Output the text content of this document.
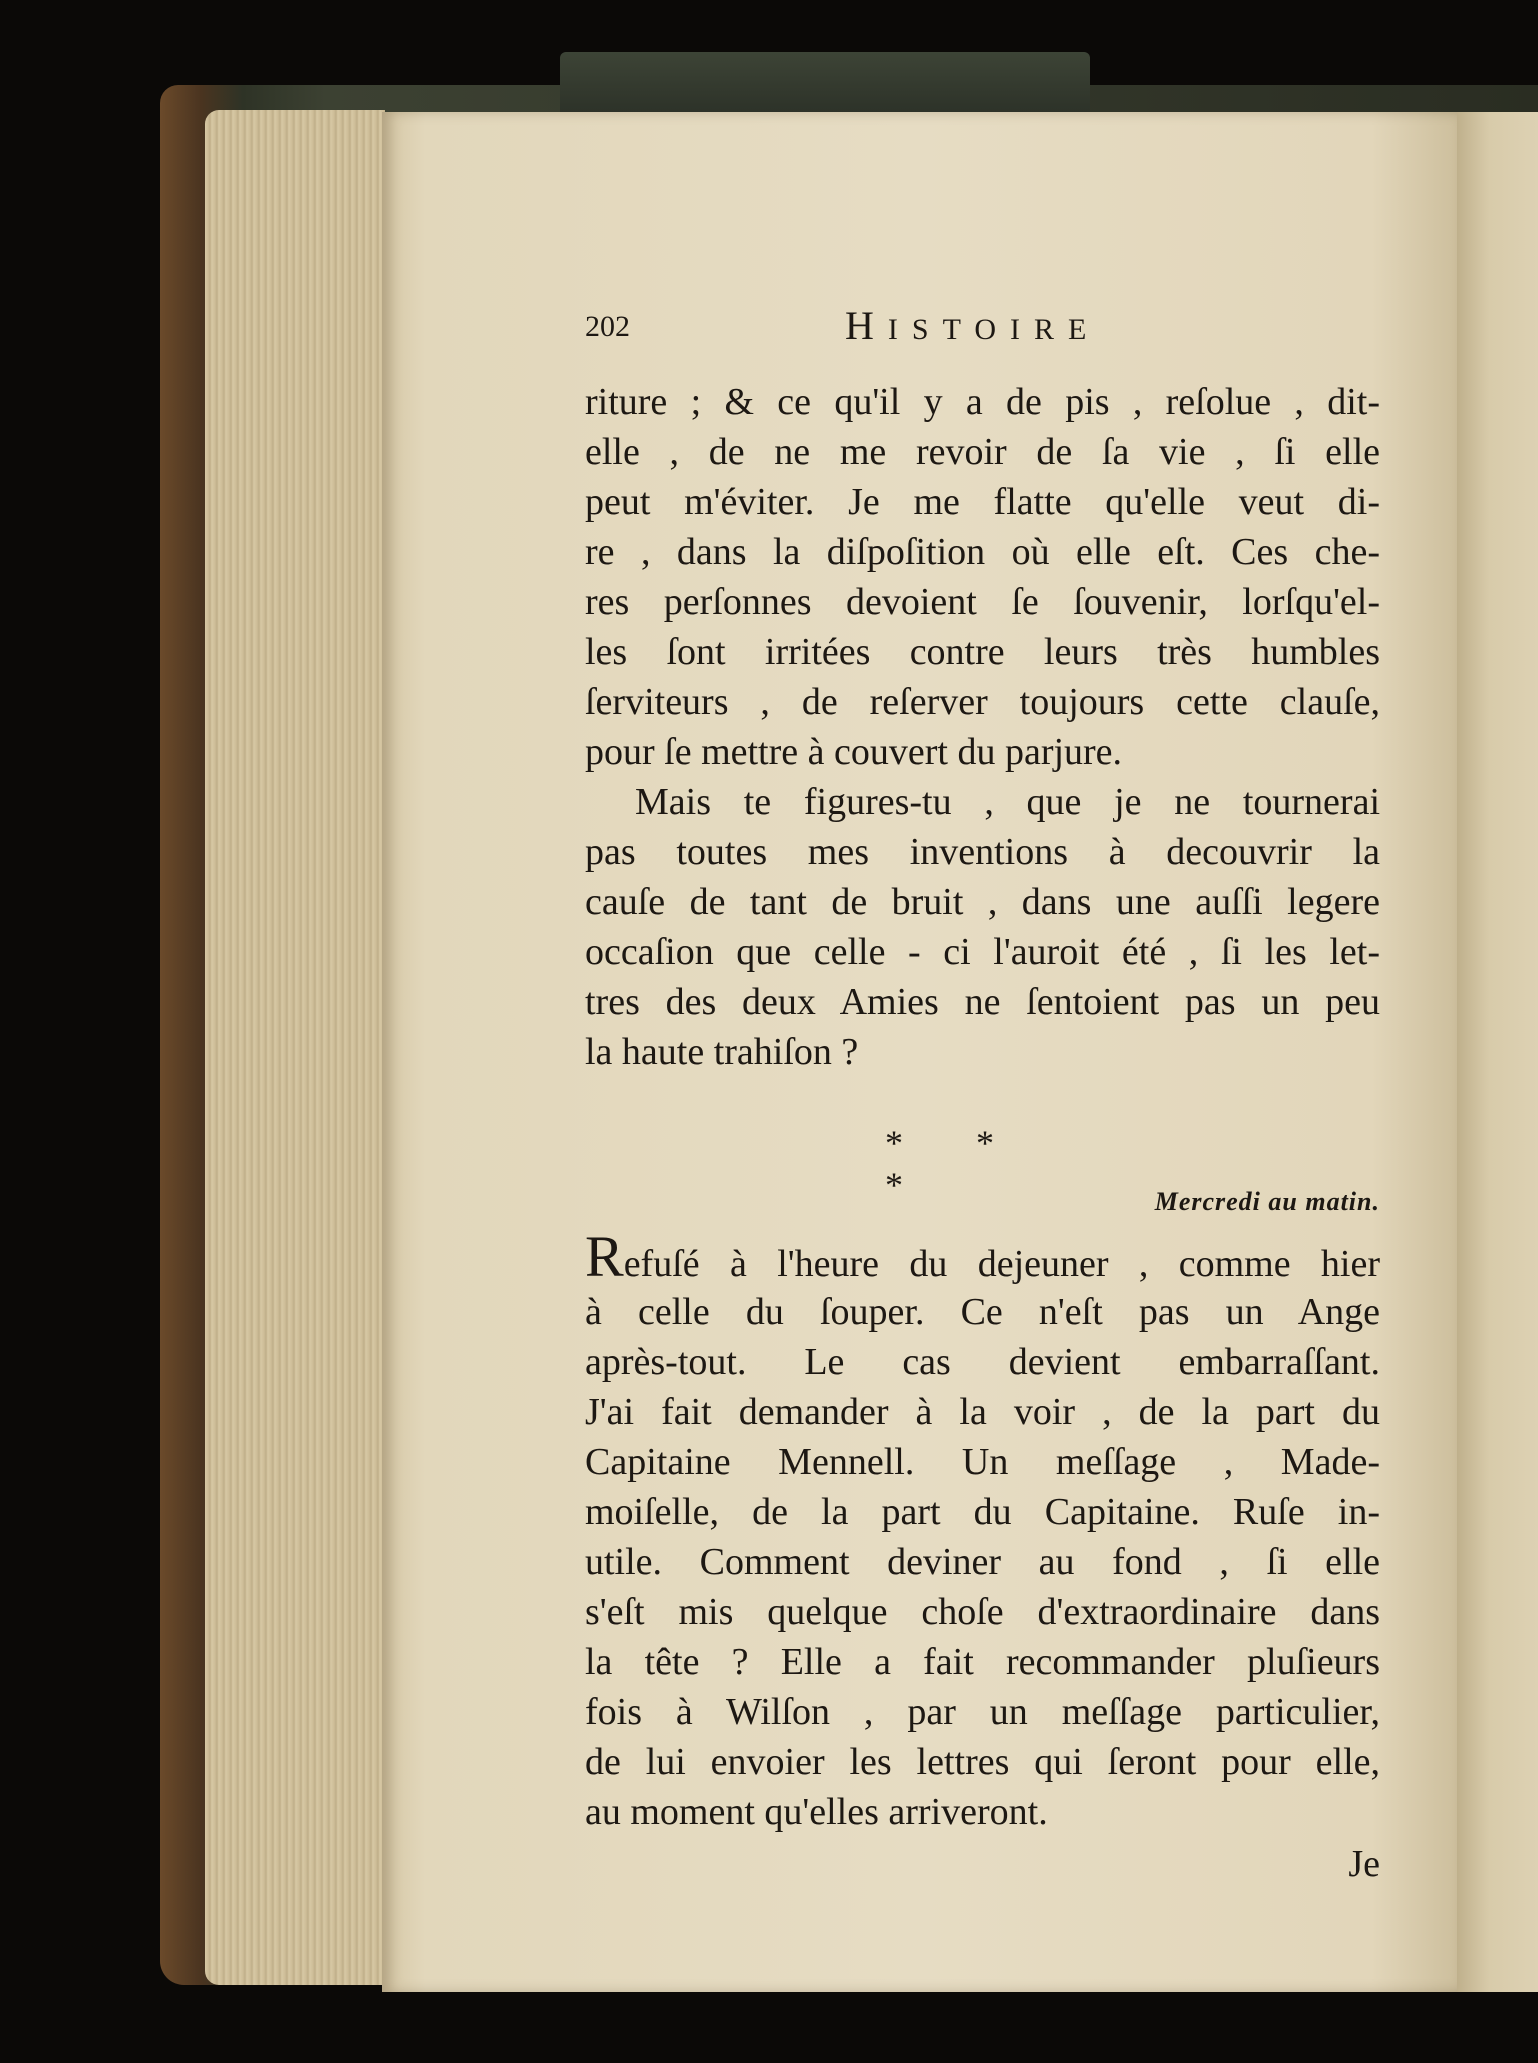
202	HISTOIRE
riture ; & ce qu'il y a de pis , reſolue , dit-
elle , de ne me revoir de ſa vie , ſi elle
peut m'éviter. Je me flatte qu'elle veut di-
re , dans la diſpoſition où elle eſt. Ces che-
res perſonnes devoient ſe ſouvenir, lorſqu'el-
les ſont irritées contre leurs très humbles
ſerviteurs , de reſerver toujours cette clauſe,
pour ſe mettre à couvert du parjure.
Mais te figures-tu , que je ne tournerai
pas toutes mes inventions à decouvrir la
cauſe de tant de bruit , dans une auſſi legere
occaſion que celle - ci l'auroit été , ſi les let-
tres des deux Amies ne ſentoient pas un peu
la haute trahiſon ?
* * *	Mercredi au matin.
Refuſé à l'heure du dejeuner , comme hier
à celle du ſouper. Ce n'eſt pas un Ange
après-tout. Le cas devient embarraſſant.
J'ai fait demander à la voir , de la part du
Capitaine Mennell. Un meſſage , Made-
moiſelle, de la part du Capitaine. Ruſe in-
utile. Comment deviner au fond , ſi elle
s'eſt mis quelque choſe d'extraordinaire dans
la tête ? Elle a fait recommander pluſieurs
fois à Wilſon , par un meſſage particulier,
de lui envoier les lettres qui ſeront pour elle,
au moment qu'elles arriveront.
Je
